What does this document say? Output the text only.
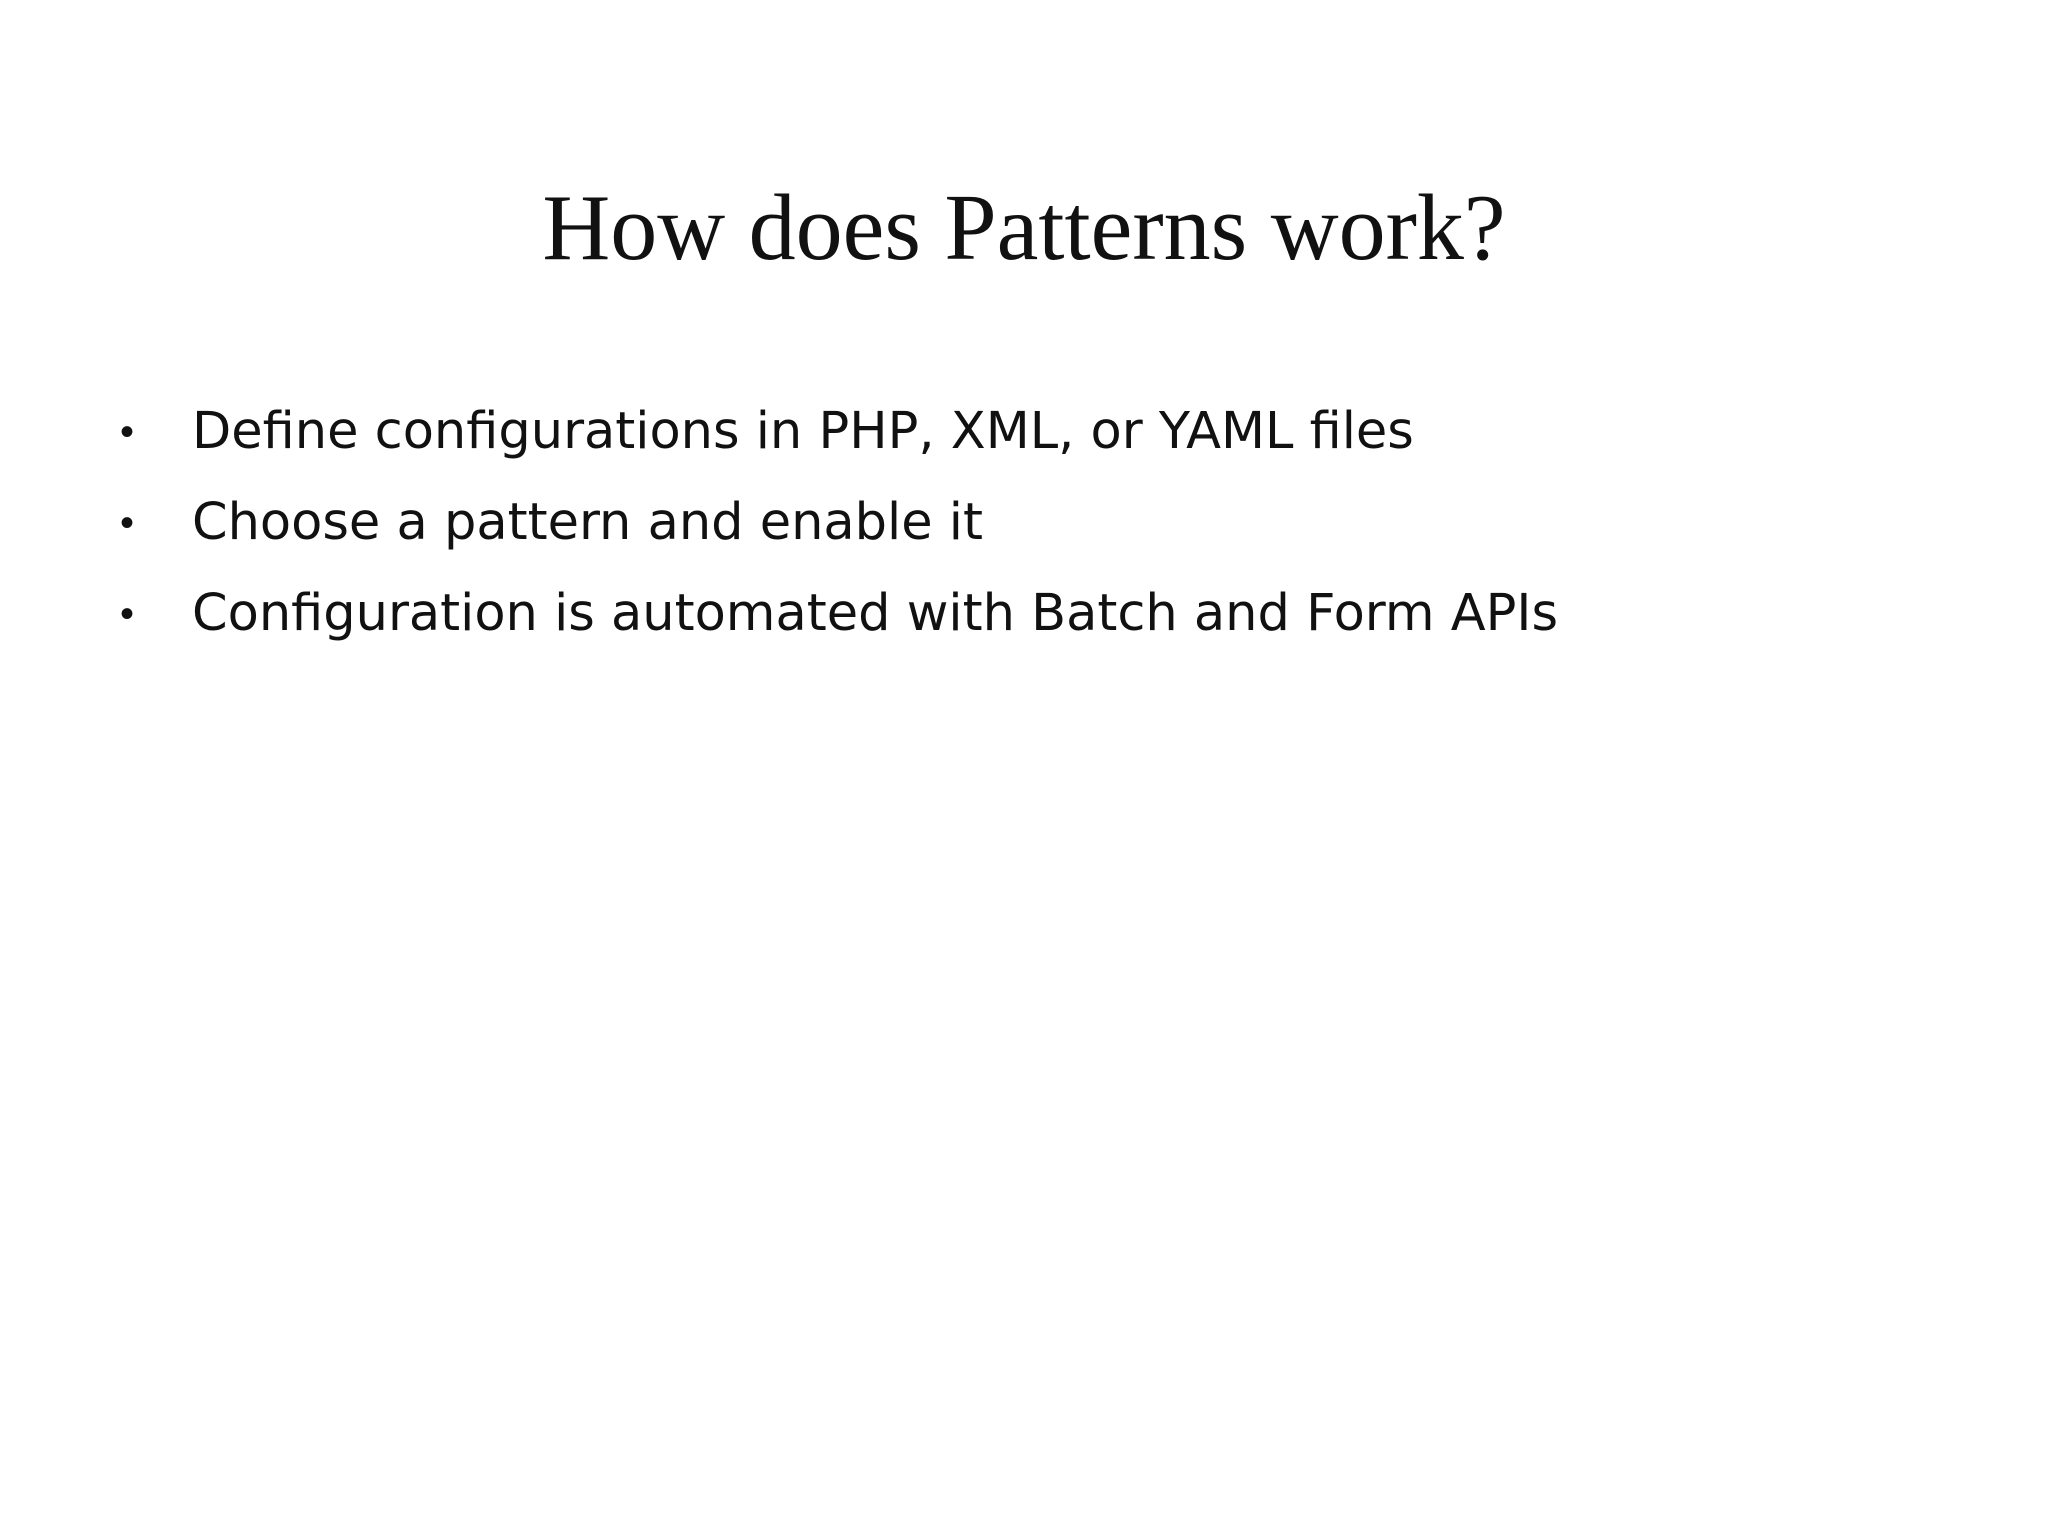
How does Patterns work?
• Define configurations in PHP, XML, or YAML files
• Choose a pattern and enable it
• Configuration is automated with Batch and Form APIs
